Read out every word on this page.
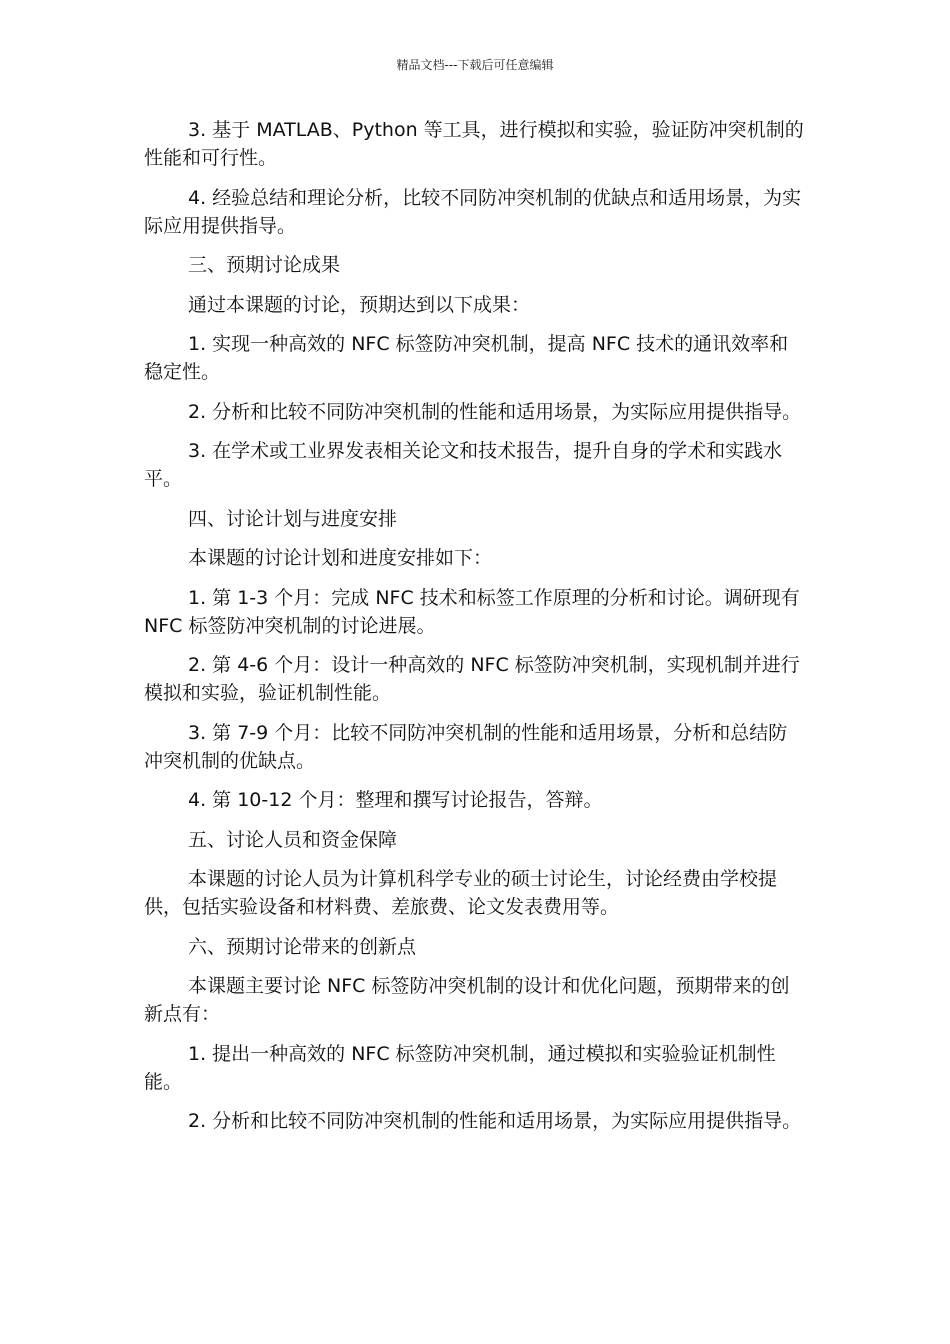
精品文档---下载后可任意编辑

3. 基于 MATLAB、Python 等工具，进行模拟和实验，验证防冲突机制的性能和可行性。

4. 经验总结和理论分析，比较不同防冲突机制的优缺点和适用场景，为实际应用提供指导。

三、预期讨论成果

通过本课题的讨论，预期达到以下成果：

1. 实现一种高效的 NFC 标签防冲突机制，提高 NFC 技术的通讯效率和稳定性。

2. 分析和比较不同防冲突机制的性能和适用场景，为实际应用提供指导。

3. 在学术或工业界发表相关论文和技术报告，提升自身的学术和实践水平。

四、讨论计划与进度安排

本课题的讨论计划和进度安排如下：

1. 第 1-3 个月：完成 NFC 技术和标签工作原理的分析和讨论。调研现有 NFC 标签防冲突机制的讨论进展。

2. 第 4-6 个月：设计一种高效的 NFC 标签防冲突机制，实现机制并进行模拟和实验，验证机制性能。

3. 第 7-9 个月：比较不同防冲突机制的性能和适用场景，分析和总结防冲突机制的优缺点。

4. 第 10-12 个月：整理和撰写讨论报告，答辩。

五、讨论人员和资金保障

本课题的讨论人员为计算机科学专业的硕士讨论生，讨论经费由学校提供，包括实验设备和材料费、差旅费、论文发表费用等。

六、预期讨论带来的创新点

本课题主要讨论 NFC 标签防冲突机制的设计和优化问题，预期带来的创新点有：

1. 提出一种高效的 NFC 标签防冲突机制，通过模拟和实验验证机制性能。

2. 分析和比较不同防冲突机制的性能和适用场景，为实际应用提供指导。
